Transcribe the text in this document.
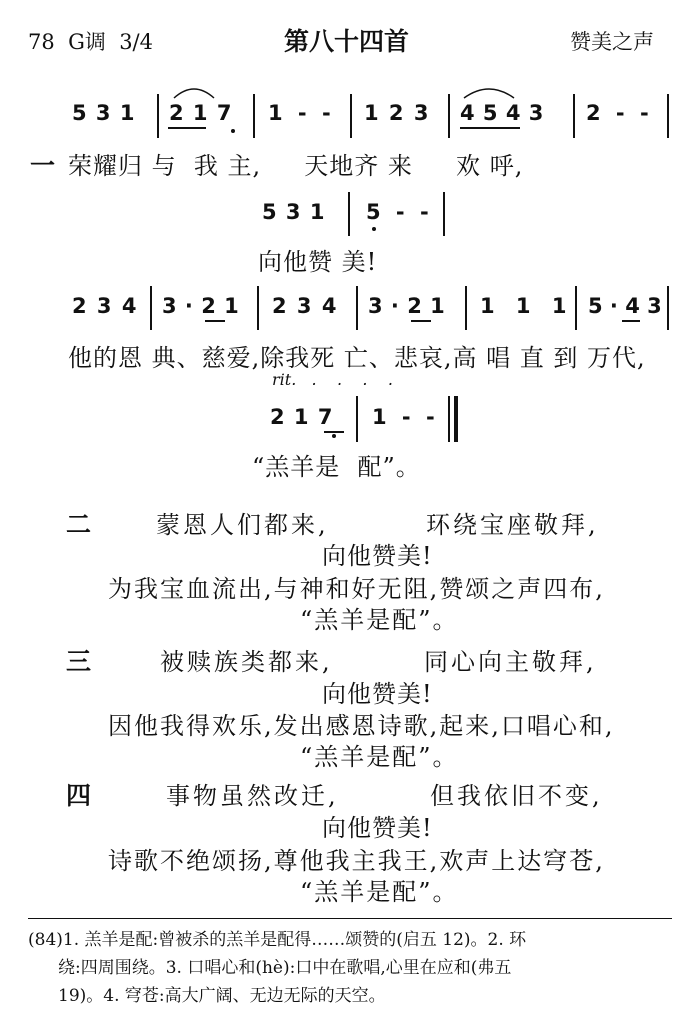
78  G调  3/4	第八十四首	赞美之声
5 3 1 2 1 7 1 - - 1 2 3 4 5 4 3 2 - -
一 荣耀归 与  我 主,     天地齐 来     欢 呼,
5 3 1 5 - -
向他赞 美!
2 3 4 3 · 2 1 2 3 4 3 · 2 1 1 1 1 5 · 4 3
他的恩 典、慈爱,除我死 亡、悲哀,高 唱 直 到 万代,
rit.   .    .    .    .
2 1 7 1 - -
“羔羊是  配”。
二	蒙恩人们都来,	环绕宝座敬拜,
向他赞美!
为我宝血流出,与神和好无阻,赞颂之声四布,
“羔羊是配”。
三	被赎族类都来,	同心向主敬拜,
向他赞美!
因他我得欢乐,发出感恩诗歌,起来,口唱心和,
“羔羊是配”。
四	事物虽然改迁,	但我依旧不变,
向他赞美!
诗歌不绝颂扬,尊他我主我王,欢声上达穹苍,
“羔羊是配”。
(84)1. 羔羊是配:曾被杀的羔羊是配得……颂赞的(启五 12)。2. 环
绕:四周围绕。3. 口唱心和(hè):口中在歌唱,心里在应和(弗五
19)。4. 穹苍:高大广阔、无边无际的天空。
